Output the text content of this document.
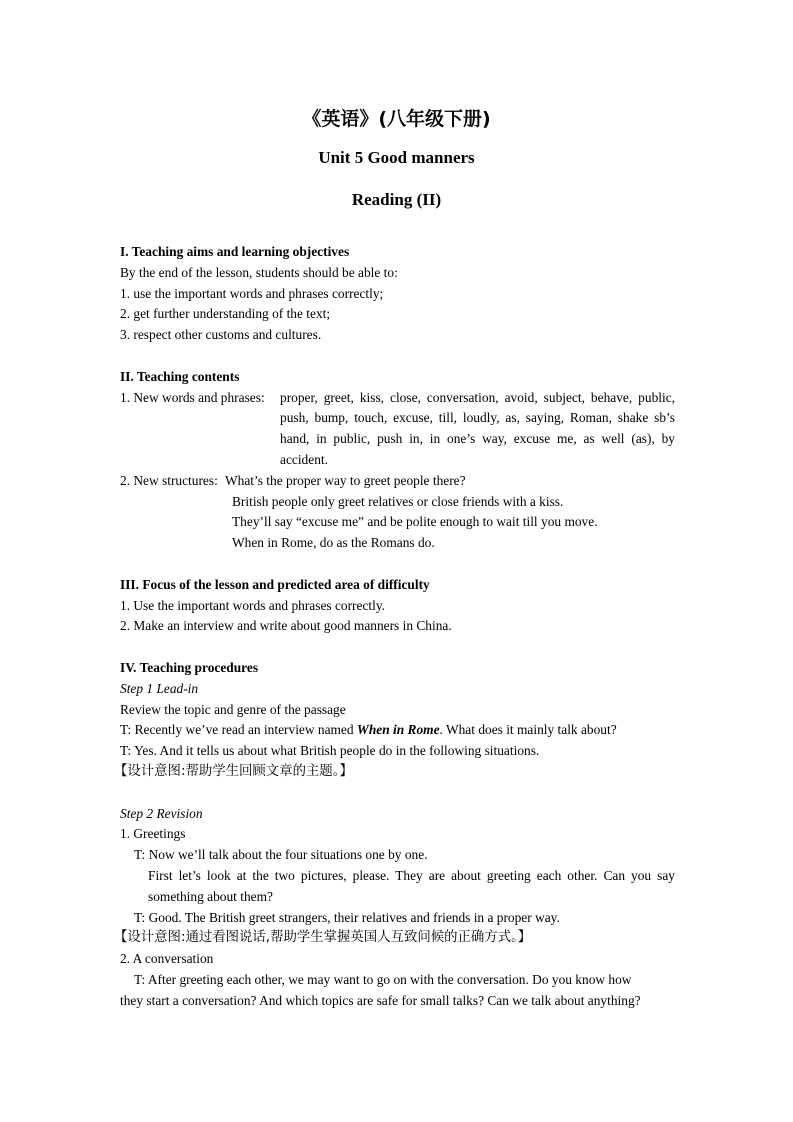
《英语》(八年级下册)
Unit 5 Good manners
Reading (II)
I. Teaching aims and learning objectives
By the end of the lesson, students should be able to:
1. use the important words and phrases correctly;
2. get further understanding of the text;
3. respect other customs and cultures.
II. Teaching contents
1. New words and phrases: proper, greet, kiss, close, conversation, avoid, subject, behave, public,
push, bump, touch, excuse, till, loudly, as, saying, Roman, shake sb’s
hand, in public, push in, in one’s way, excuse me, as well (as), by
accident.
2. New structures: What’s the proper way to greet people there?
British people only greet relatives or close friends with a kiss.
They’ll say “excuse me” and be polite enough to wait till you move.
When in Rome, do as the Romans do.
III. Focus of the lesson and predicted area of difficulty
1. Use the important words and phrases correctly.
2. Make an interview and write about good manners in China.
IV. Teaching procedures
Step 1 Lead-in
Review the topic and genre of the passage
T: Recently we’ve read an interview named When in Rome. What does it mainly talk about?
T: Yes. And it tells us about what British people do in the following situations.
【设计意图:帮助学生回顾文章的主题。】
Step 2 Revision
1. Greetings
T: Now we’ll talk about the four situations one by one.
First let’s look at the two pictures, please. They are about greeting each other. Can you say
something about them?
T: Good. The British greet strangers, their relatives and friends in a proper way.
【设计意图:通过看图说话,帮助学生掌握英国人互致问候的正确方式。】
2. A conversation
T: After greeting each other, we may want to go on with the conversation. Do you know how
they start a conversation? And which topics are safe for small talks? Can we talk about anything?
